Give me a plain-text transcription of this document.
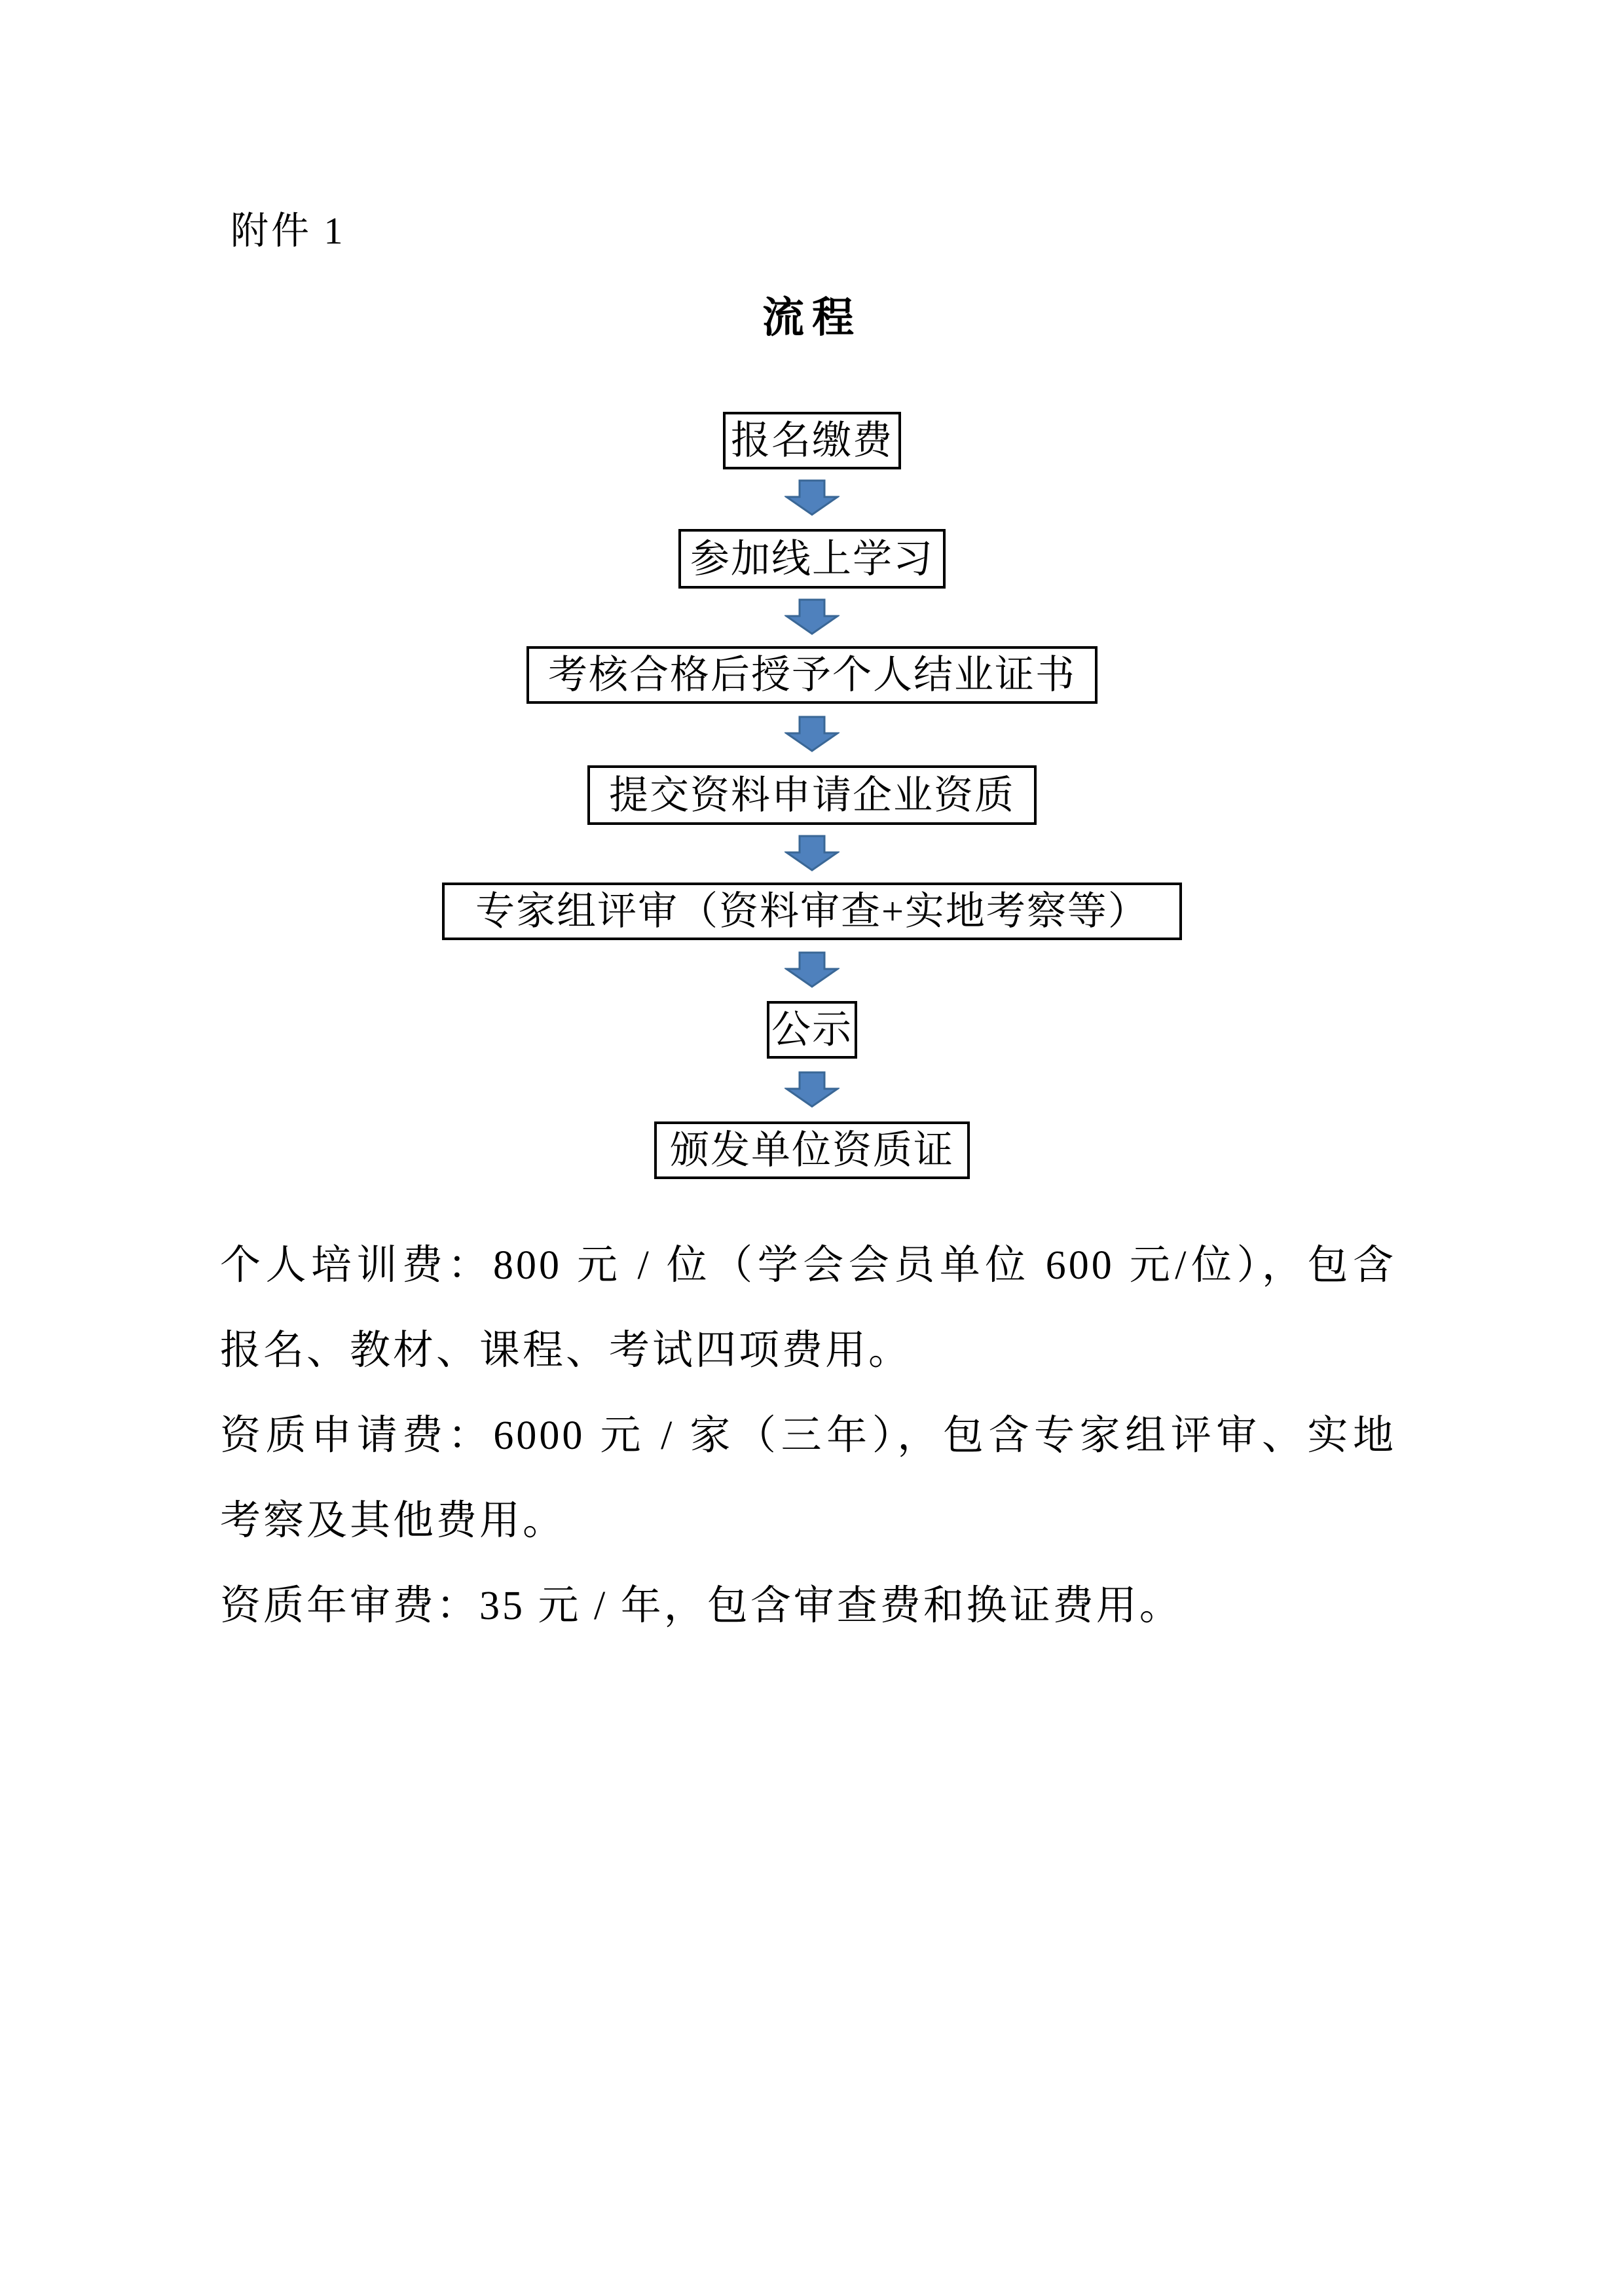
附件 1
流程
报名缴费
参加线上学习
考核合格后授予个人结业证书
提交资料申请企业资质
专家组评审（资料审查+实地考察等）
公示
颁发单位资质证
个人培训费：800 元 / 位（学会会员单位 600 元/位），包含
报名、教材、课程、考试四项费用。
资质申请费：6000 元 / 家（三年），包含专家组评审、实地
考察及其他费用。
资质年审费：35 元 / 年，包含审查费和换证费用。
